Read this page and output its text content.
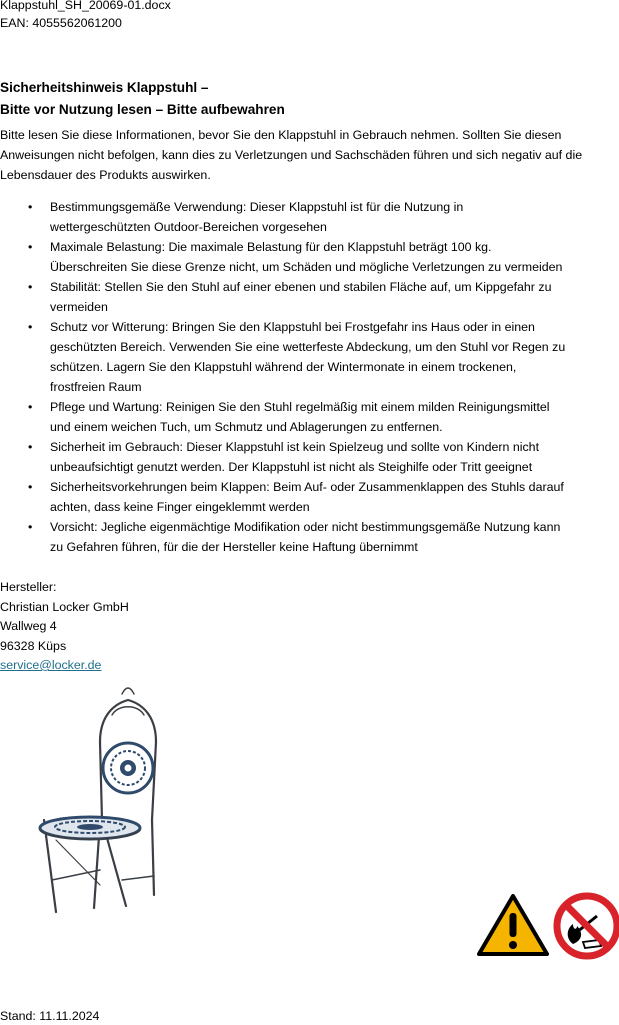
Klappstuhl_SH_20069-01.docx
EAN: 4055562061200
Sicherheitshinweis Klappstuhl –
Bitte vor Nutzung lesen – Bitte aufbewahren
Bitte lesen Sie diese Informationen, bevor Sie den Klappstuhl in Gebrauch nehmen. Sollten Sie diesen Anweisungen nicht befolgen, kann dies zu Verletzungen und Sachschäden führen und sich negativ auf die Lebensdauer des Produkts auswirken.
• Bestimmungsgemäße Verwendung: Dieser Klappstuhl ist für die Nutzung in
wettergeschützten Outdoor-Bereichen vorgesehen
• Maximale Belastung: Die maximale Belastung für den Klappstuhl beträgt 100 kg.
Überschreiten Sie diese Grenze nicht, um Schäden und mögliche Verletzungen zu vermeiden
• Stabilität: Stellen Sie den Stuhl auf einer ebenen und stabilen Fläche auf, um Kippgefahr zu
vermeiden
• Schutz vor Witterung: Bringen Sie den Klappstuhl bei Frostgefahr ins Haus oder in einen
geschützten Bereich. Verwenden Sie eine wetterfeste Abdeckung, um den Stuhl vor Regen zu
schützen. Lagern Sie den Klappstuhl während der Wintermonate in einem trockenen,
frostfreien Raum
• Pflege und Wartung: Reinigen Sie den Stuhl regelmäßig mit einem milden Reinigungsmittel
und einem weichen Tuch, um Schmutz und Ablagerungen zu entfernen.
• Sicherheit im Gebrauch: Dieser Klappstuhl ist kein Spielzeug und sollte von Kindern nicht
unbeaufsichtigt genutzt werden. Der Klappstuhl ist nicht als Steighilfe oder Tritt geeignet
• Sicherheitsvorkehrungen beim Klappen: Beim Auf- oder Zusammenklappen des Stuhls darauf
achten, dass keine Finger eingeklemmt werden
• Vorsicht: Jegliche eigenmächtige Modifikation oder nicht bestimmungsgemäße Nutzung kann
zu Gefahren führen, für die der Hersteller keine Haftung übernimmt
Hersteller:
Christian Locker GmbH
Wallweg 4
96328 Küps
service@locker.de
Stand: 11.11.2024
